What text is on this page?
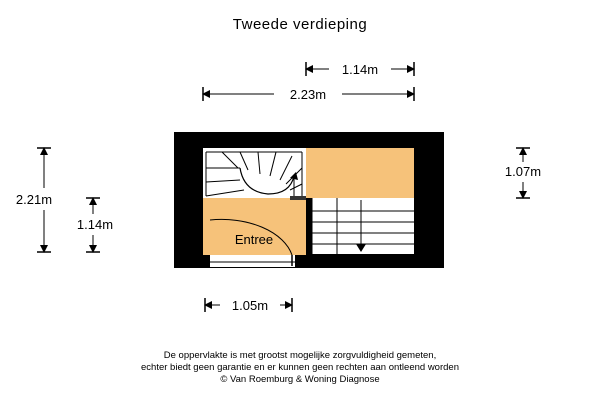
Tweede verdieping
1.14m
2.23m
2.21m
1.14m
1.07m
1.05m
Entree
De oppervlakte is met grootst mogelijke zorgvuldigheid gemeten,
echter biedt geen garantie en er kunnen geen rechten aan ontleend worden
© Van Roemburg & Woning Diagnose
